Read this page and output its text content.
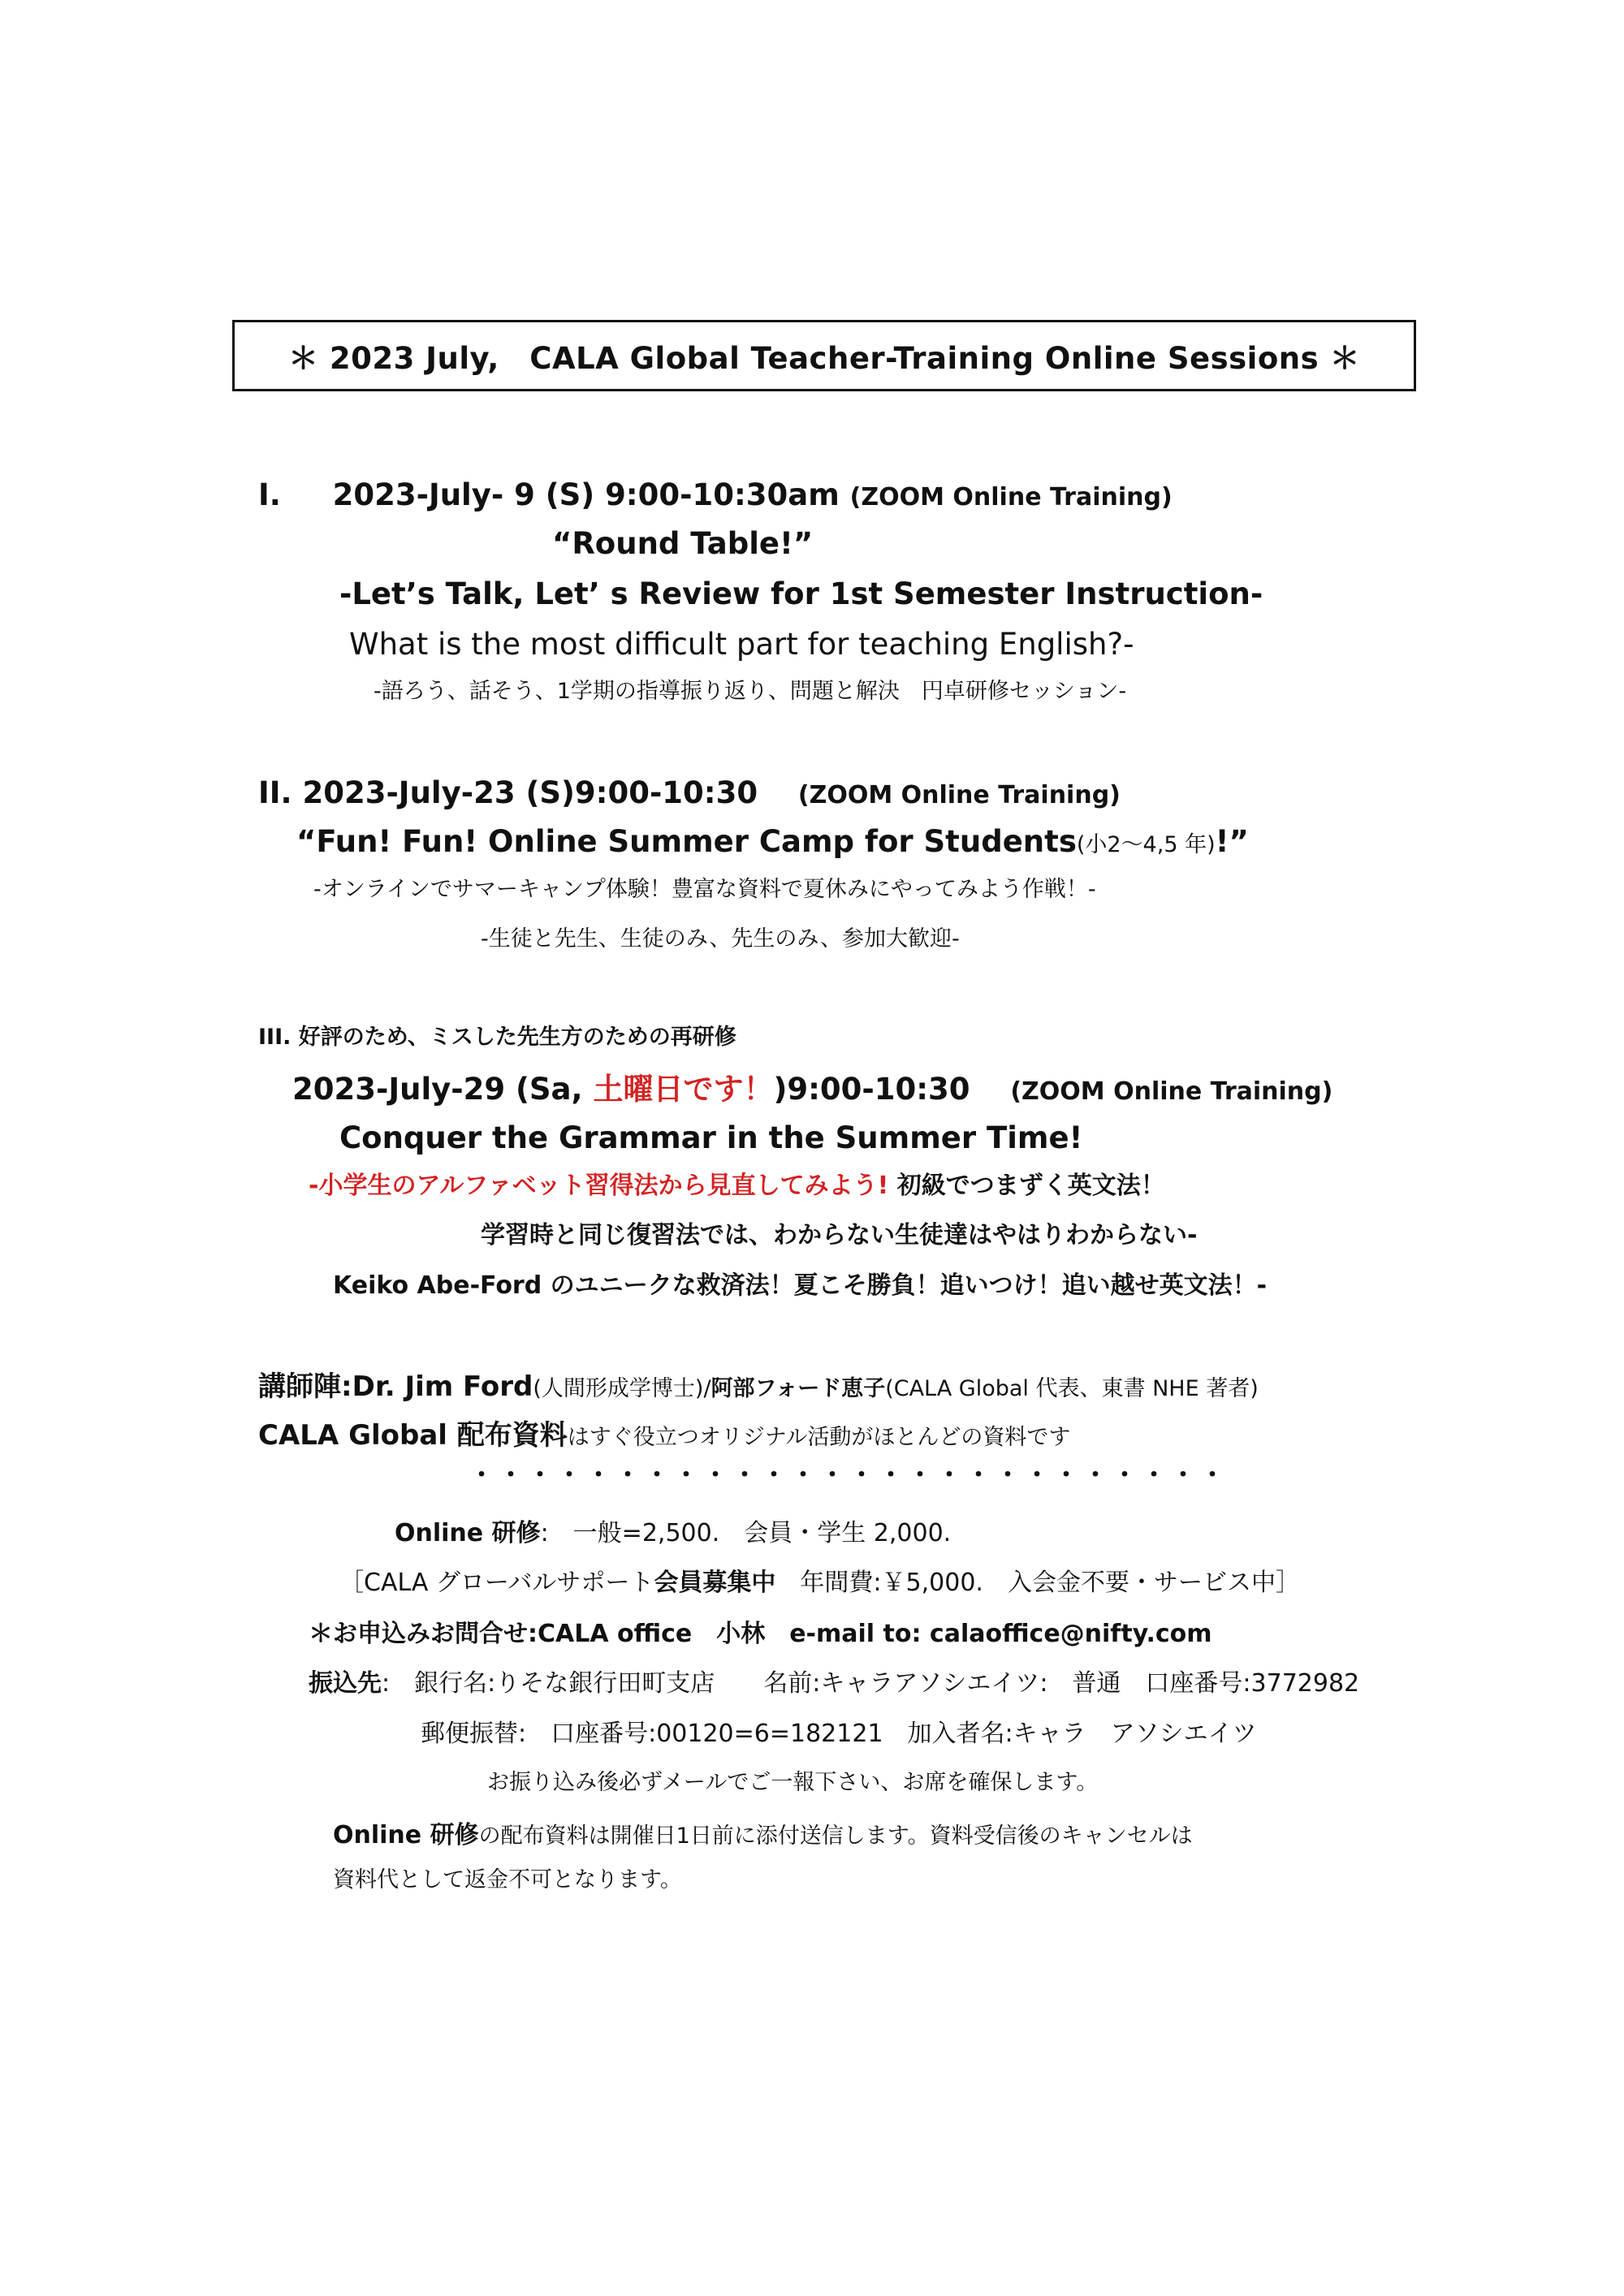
＊ 2023 July,　CALA Global Teacher-Training Online Sessions ＊
I. 2023-July- 9 (S) 9:00-10:30am (ZOOM Online Training)
“Round Table!”
-Let’s Talk, Let’ s Review for 1st Semester Instruction-
What is the most difficult part for teaching English?-
-語ろう、話そう、1学期の指導振り返り、問題と解決　円卓研修セッション-
II. 2023-July-23 (S)9:00-10:30 (ZOOM Online Training)
“Fun! Fun! Online Summer Camp for Students(小2～4,5 年)!”
-オンラインでサマーキャンプ体験！豊富な資料で夏休みにやってみよう作戦！-
-生徒と先生、生徒のみ、先生のみ、参加大歓迎-
III. 好評のため、ミスした先生方のための再研修
2023-July-29 (Sa, 土曜日です！)9:00-10:30 (ZOOM Online Training)
Conquer the Grammar in the Summer Time!
-小学生のアルファベット習得法から見直してみよう! 初級でつまずく英文法！
学習時と同じ復習法では、わからない生徒達はやはりわからない-
Keiko Abe-Ford のユニークな救済法！夏こそ勝負！追いつけ！追い越せ英文法！-
講師陣:Dr. Jim Ford(人間形成学博士)/阿部フォード恵子(CALA Global 代表、東書 NHE 著者)
CALA Global 配布資料はすぐ役立つオリジナル活動がほとんどの資料です
・・・・・・・・・・・・・・・・・・・・・・・・・・
Online 研修:　一般=2,500.　会員・学生 2,000.
［CALA グローバルサポート会員募集中　年間費:￥5,000.　入会金不要・サービス中］
＊お申込みお問合せ:CALA office　小林　e-mail to: calaoffice@nifty.com
振込先:　銀行名:りそな銀行田町支店　　名前:キャラアソシエイツ:　普通　口座番号:3772982
郵便振替:　口座番号:00120=6=182121　加入者名:キャラ　アソシエイツ
お振り込み後必ずメールでご一報下さい、お席を確保します。
Online 研修の配布資料は開催日1日前に添付送信します。資料受信後のキャンセルは
資料代として返金不可となります。
